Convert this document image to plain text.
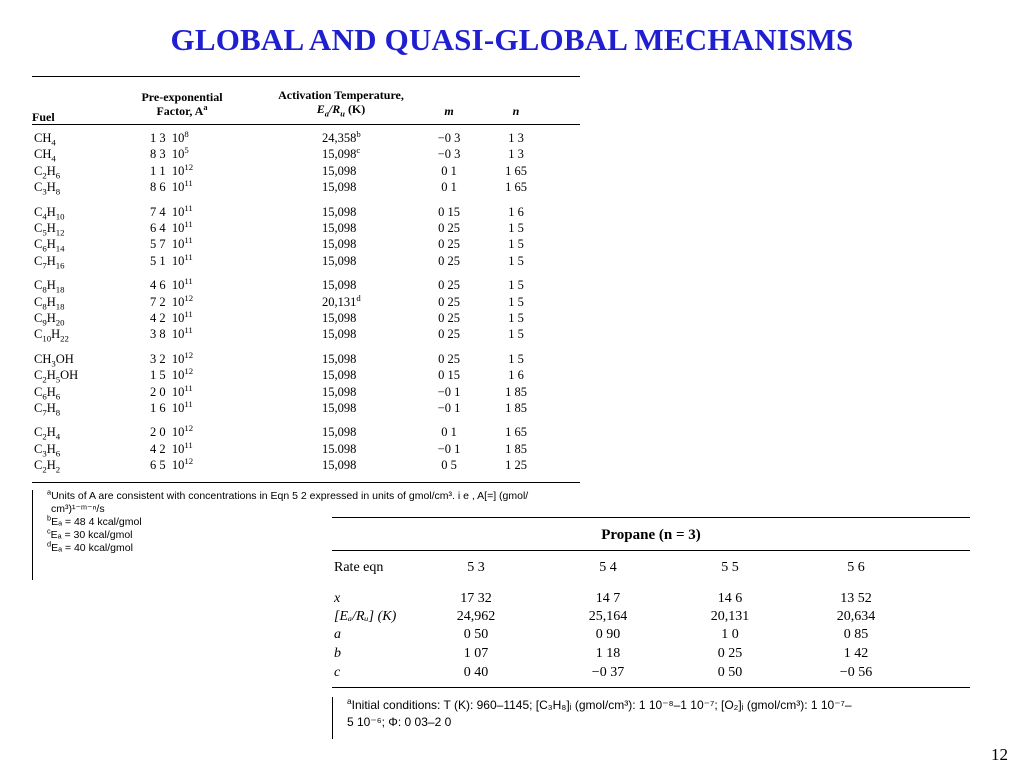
GLOBAL AND QUASI-GLOBAL MECHANISMS
Fuel
Pre-exponential
Factor, $A^a$
Activation Temperature,
$E_a/R_u$ (K)	m	n
$CH_4$	1 3  $10^8$	24,358$^b$	−0 3	1 3
$CH_4$	8 3  $10^5$	15,098$^c$	−0 3	1 3
$C_2H_6$	1 1  $10^{12}$	15,098	0 1	1 65
$C_3H_8$	8 6  $10^{11}$	15,098	0 1	1 65
$C_4H_{10}$	7 4  $10^{11}$	15,098	0 15	1 6
$C_5H_{12}$	6 4  $10^{11}$	15,098	0 25	1 5
$C_6H_{14}$	5 7  $10^{11}$	15,098	0 25	1 5
$C_7H_{16}$	5 1  $10^{11}$	15,098	0 25	1 5
$C_8H_{18}$	4 6  $10^{11}$	15,098	0 25	1 5
$C_8H_{18}$	7 2  $10^{12}$	20,131$^d$	0 25	1 5
$C_9H_{20}$	4 2  $10^{11}$	15,098	0 25	1 5
$C_{10}H_{22}$	3 8  $10^{11}$	15,098	0 25	1 5
$CH_3OH$	3 2  $10^{12}$	15,098	0 25	1 5
$C_2H_5OH$	1 5  $10^{12}$	15,098	0 15	1 6
$C_6H_6$	2 0  $10^{11}$	15,098	−0 1	1 85
$C_7H_8$	1 6  $10^{11}$	15,098	−0 1	1 85
$C_2H_4$	2 0  $10^{12}$	15,098	0 1	1 65
$C_3H_6$	4 2  $10^{11}$	15.098	−0 1	1 85
$C_2H_2$	6 5  $10^{12}$	15,098	0 5	1 25
$^a$Units of A are consistent with concentrations in Eqn 5 2 expressed in units of gmol/cm³. i e , A[=] (gmol/
cm³)¹⁻ᵐ⁻ⁿ/s
$^b$Eₐ = 48 4 kcal/gmol
$^c$Eₐ = 30 kcal/gmol
$^d$Eₐ = 40 kcal/gmol
Propane (n = 3)
Rate eqn	5 3	5 4	5 5	5 6
x	17 32	14 7	14 6	13 52
[Eₐ/Rᵤ] (K)	24,962	25,164	20,131	20,634
a	0 50	0 90	1 0	0 85
b	1 07	1 18	0 25	1 42
c	0 40	−0 37	0 50	−0 56
$^a$Initial conditions: T (K): 960–1145; [C₃H₈]ᵢ (gmol/cm³): 1 10⁻⁸–1 10⁻⁷; [O₂]ᵢ (gmol/cm³): 1 10⁻⁷–
5 10⁻⁶; Φ: 0 03–2 0
12
